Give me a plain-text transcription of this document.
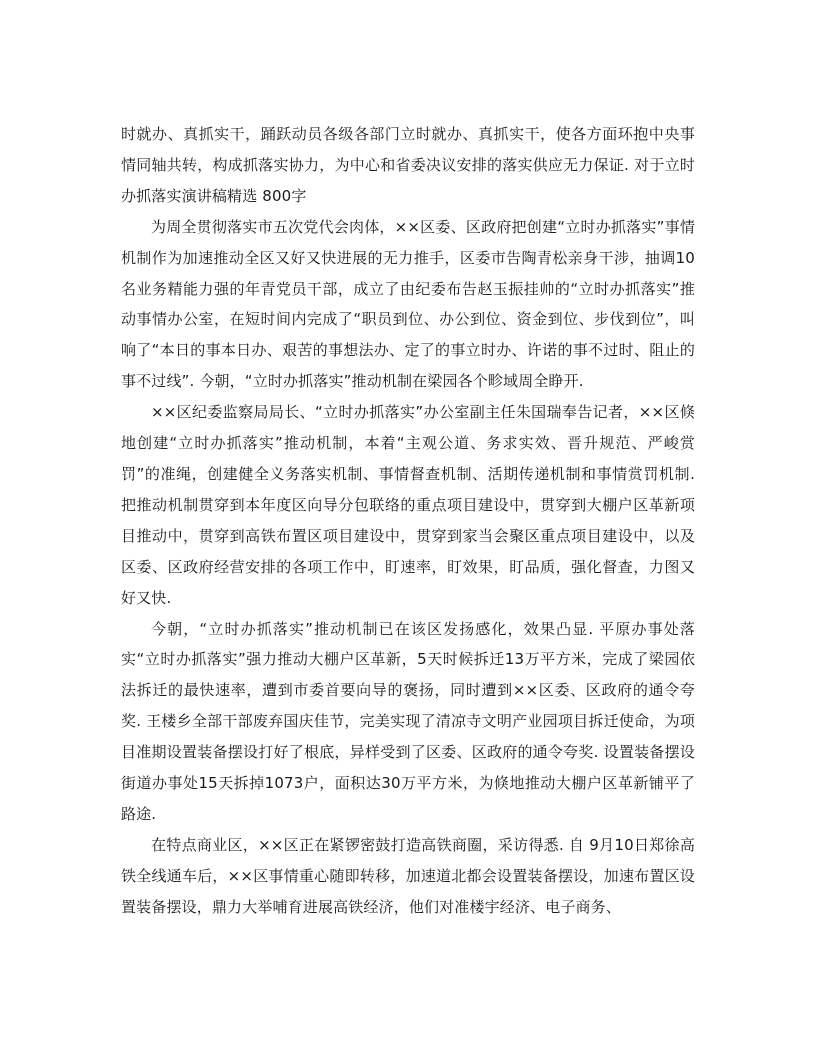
时就办、真抓实干，踊跃动员各级各部门立时就办、真抓实干，使各方面环抱中央事情同轴共转，构成抓落实协力，为中心和省委决议安排的落实供应无力保证. 对于立时办抓落实演讲稿精选 800字

为周全贯彻落实市五次党代会肉体，××区委、区政府把创建“立时办抓落实”事情机制作为加速推动全区又好又快进展的无力推手，区委市告陶青松亲身干涉，抽调10名业务精能力强的年青党员干部，成立了由纪委布告赵玉振挂帅的“立时办抓落实”推动事情办公室，在短时间内完成了“职员到位、办公到位、资金到位、步伐到位”，叫响了“本日的事本日办、艰苦的事想法办、定了的事立时办、许诺的事不过时、阻止的事不过线”. 今朝，“立时办抓落实”推动机制在梁园各个畛域周全睁开.

××区纪委监察局局长、“立时办抓落实”办公室副主任朱国瑞奉告记者，××区倏地创建“立时办抓落实”推动机制，本着“主观公道、务求实效、晋升规范、严峻赏罚”的准绳，创建健全义务落实机制、事情督查机制、活期传递机制和事情赏罚机制. 把推动机制贯穿到本年度区向导分包联络的重点项目建设中，贯穿到大棚户区革新项目推动中，贯穿到高铁布置区项目建设中，贯穿到家当会聚区重点项目建设中，以及区委、区政府经营安排的各项工作中，盯速率，盯效果，盯品质，强化督查，力图又好又快.

今朝，“立时办抓落实”推动机制已在该区发扬感化，效果凸显. 平原办事处落实“立时办抓落实”强力推动大棚户区革新，5天时候拆迁13万平方米，完成了梁园依法拆迁的最快速率，遭到市委首要向导的褒扬，同时遭到××区委、区政府的通令夸奖. 王楼乡全部干部废弃国庆佳节，完美实现了清凉寺文明产业园项目拆迁使命，为项目准期设置装备摆设打好了根底，异样受到了区委、区政府的通令夸奖. 设置装备摆设街道办事处15天拆掉1073户，面积达30万平方米，为倏地推动大棚户区革新铺平了路途.

在特点商业区，××区正在紧锣密鼓打造高铁商圈，采访得悉. 自 9月10日郑徐高铁全线通车后，××区事情重心随即转移，加速道北都会设置装备摆设，加速布置区设置装备摆设，鼎力大举哺育进展高铁经济，他们对准楼宇经济、电子商务、
